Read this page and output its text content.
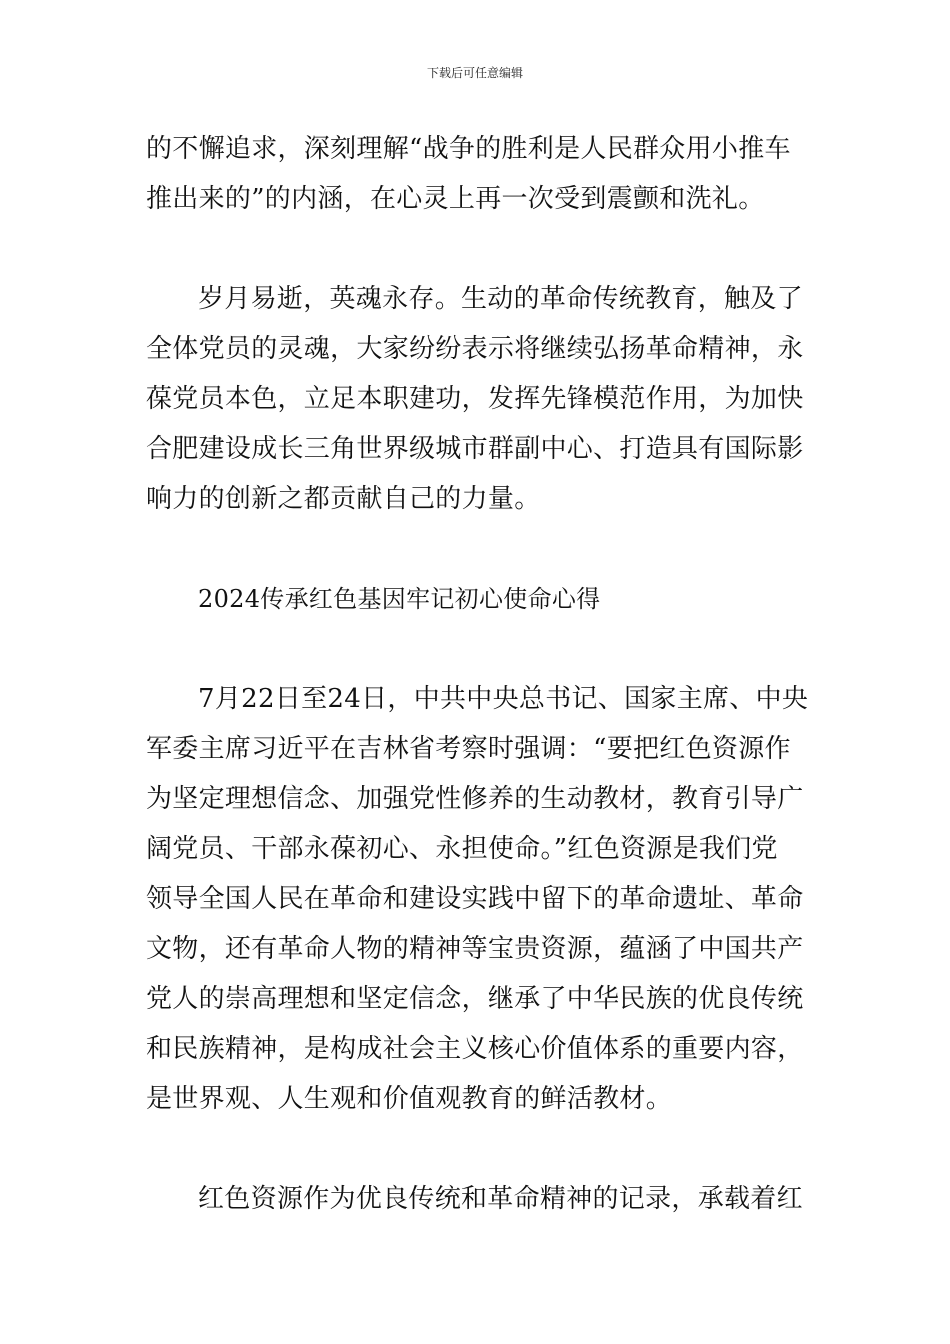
下载后可任意编辑
的不懈追求，深刻理解“战争的胜利是人民群众用小推车
推出来的”的内涵，在心灵上再一次受到震颤和洗礼。
岁月易逝，英魂永存。生动的革命传统教育，触及了
全体党员的灵魂，大家纷纷表示将继续弘扬革命精神，永
葆党员本色，立足本职建功，发挥先锋模范作用，为加快
合肥建设成长三角世界级城市群副中心、打造具有国际影
响力的创新之都贡献自己的力量。
2024传承红色基因牢记初心使命心得
7月22日至24日，中共中央总书记、国家主席、中央
军委主席习近平在吉林省考察时强调：“要把红色资源作
为坚定理想信念、加强党性修养的生动教材，教育引导广
阔党员、干部永葆初心、永担使命。”红色资源是我们党
领导全国人民在革命和建设实践中留下的革命遗址、革命
文物，还有革命人物的精神等宝贵资源，蕴涵了中国共产
党人的崇高理想和坚定信念，继承了中华民族的优良传统
和民族精神，是构成社会主义核心价值体系的重要内容，
是世界观、人生观和价值观教育的鲜活教材。
红色资源作为优良传统和革命精神的记录，承载着红
